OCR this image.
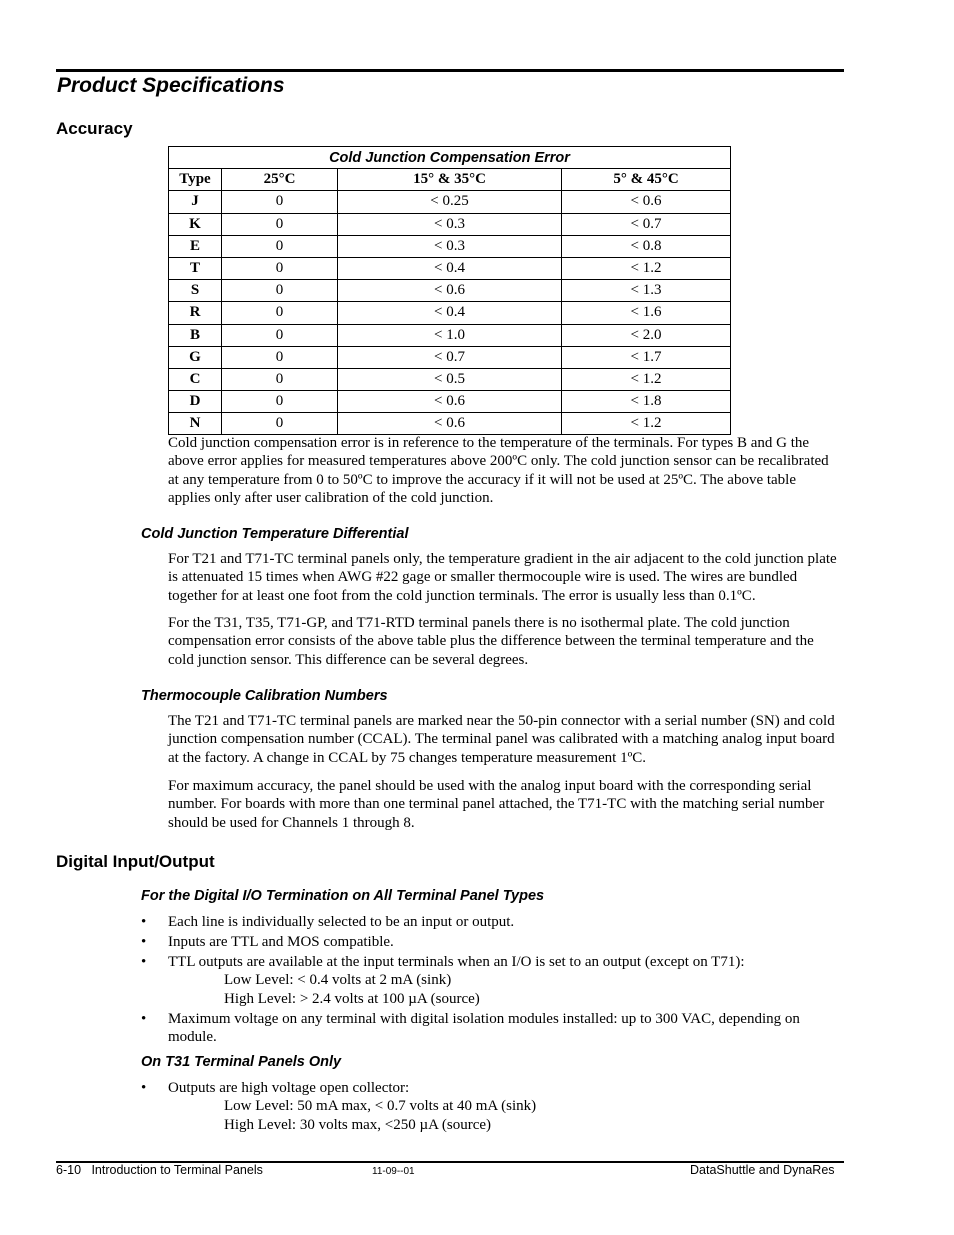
Product Specifications
Accuracy
Cold Junction Compensation Error			
Type	25°C	15° & 35°C	5° & 45°C
J	0	< 0.25	< 0.6
K	0	< 0.3	< 0.7
E	0	< 0.3	< 0.8
T	0	< 0.4	< 1.2
S	0	< 0.6	< 1.3
R	0	< 0.4	< 1.6
B	0	< 1.0	< 2.0
G	0	< 0.7	< 1.7
C	0	< 0.5	< 1.2
D	0	< 0.6	< 1.8
N	0	< 0.6	< 1.2

Cold junction compensation error is in reference to the temperature of the terminals. For types B and G the above error applies for measured temperatures above 200ºC only. The cold junction sensor can be recalibrated at any temperature from 0 to 50ºC to improve the accuracy if it will not be used at 25ºC. The above table applies only after user calibration of the cold junction.

Cold Junction Temperature Differential

For T21 and T71-TC terminal panels only, the temperature gradient in the air adjacent to the cold junction plate is attenuated 15 times when AWG #22 gage or smaller thermocouple wire is used. The wires are bundled together for at least one foot from the cold junction terminals. The error is usually less than 0.1ºC.

For the T31, T35, T71-GP, and T71-RTD terminal panels there is no isothermal plate. The cold junction compensation error consists of the above table plus the difference between the terminal temperature and the cold junction sensor. This difference can be several degrees.

Thermocouple Calibration Numbers

The T21 and T71-TC terminal panels are marked near the 50-pin connector with a serial number (SN) and cold junction compensation number (CCAL). The terminal panel was calibrated with a matching analog input board at the factory. A change in CCAL by 75 changes temperature measurement 1ºC.

For maximum accuracy, the panel should be used with the analog input board with the corresponding serial number. For boards with more than one terminal panel attached, the T71-TC with the matching serial number should be used for Channels 1 through 8.

Digital Input/Output
For the Digital I/O Termination on All Terminal Panel Types
• Each line is individually selected to be an input or output.
• Inputs are TTL and MOS compatible.
• TTL outputs are available at the input terminals when an I/O is set to an output (except on T71):
Low Level: < 0.4 volts at 2 mA (sink)
High Level: > 2.4 volts at 100 µA (source)
• Maximum voltage on any terminal with digital isolation modules installed: up to 300 VAC, depending on module.
On T31 Terminal Panels Only
• Outputs are high voltage open collector:
Low Level: 50 mA max, < 0.7 volts at 40 mA (sink)
High Level: 30 volts max, <250 µA (source)
6-10 Introduction to Terminal Panels	11-09--01	DataShuttle and DynaRes
